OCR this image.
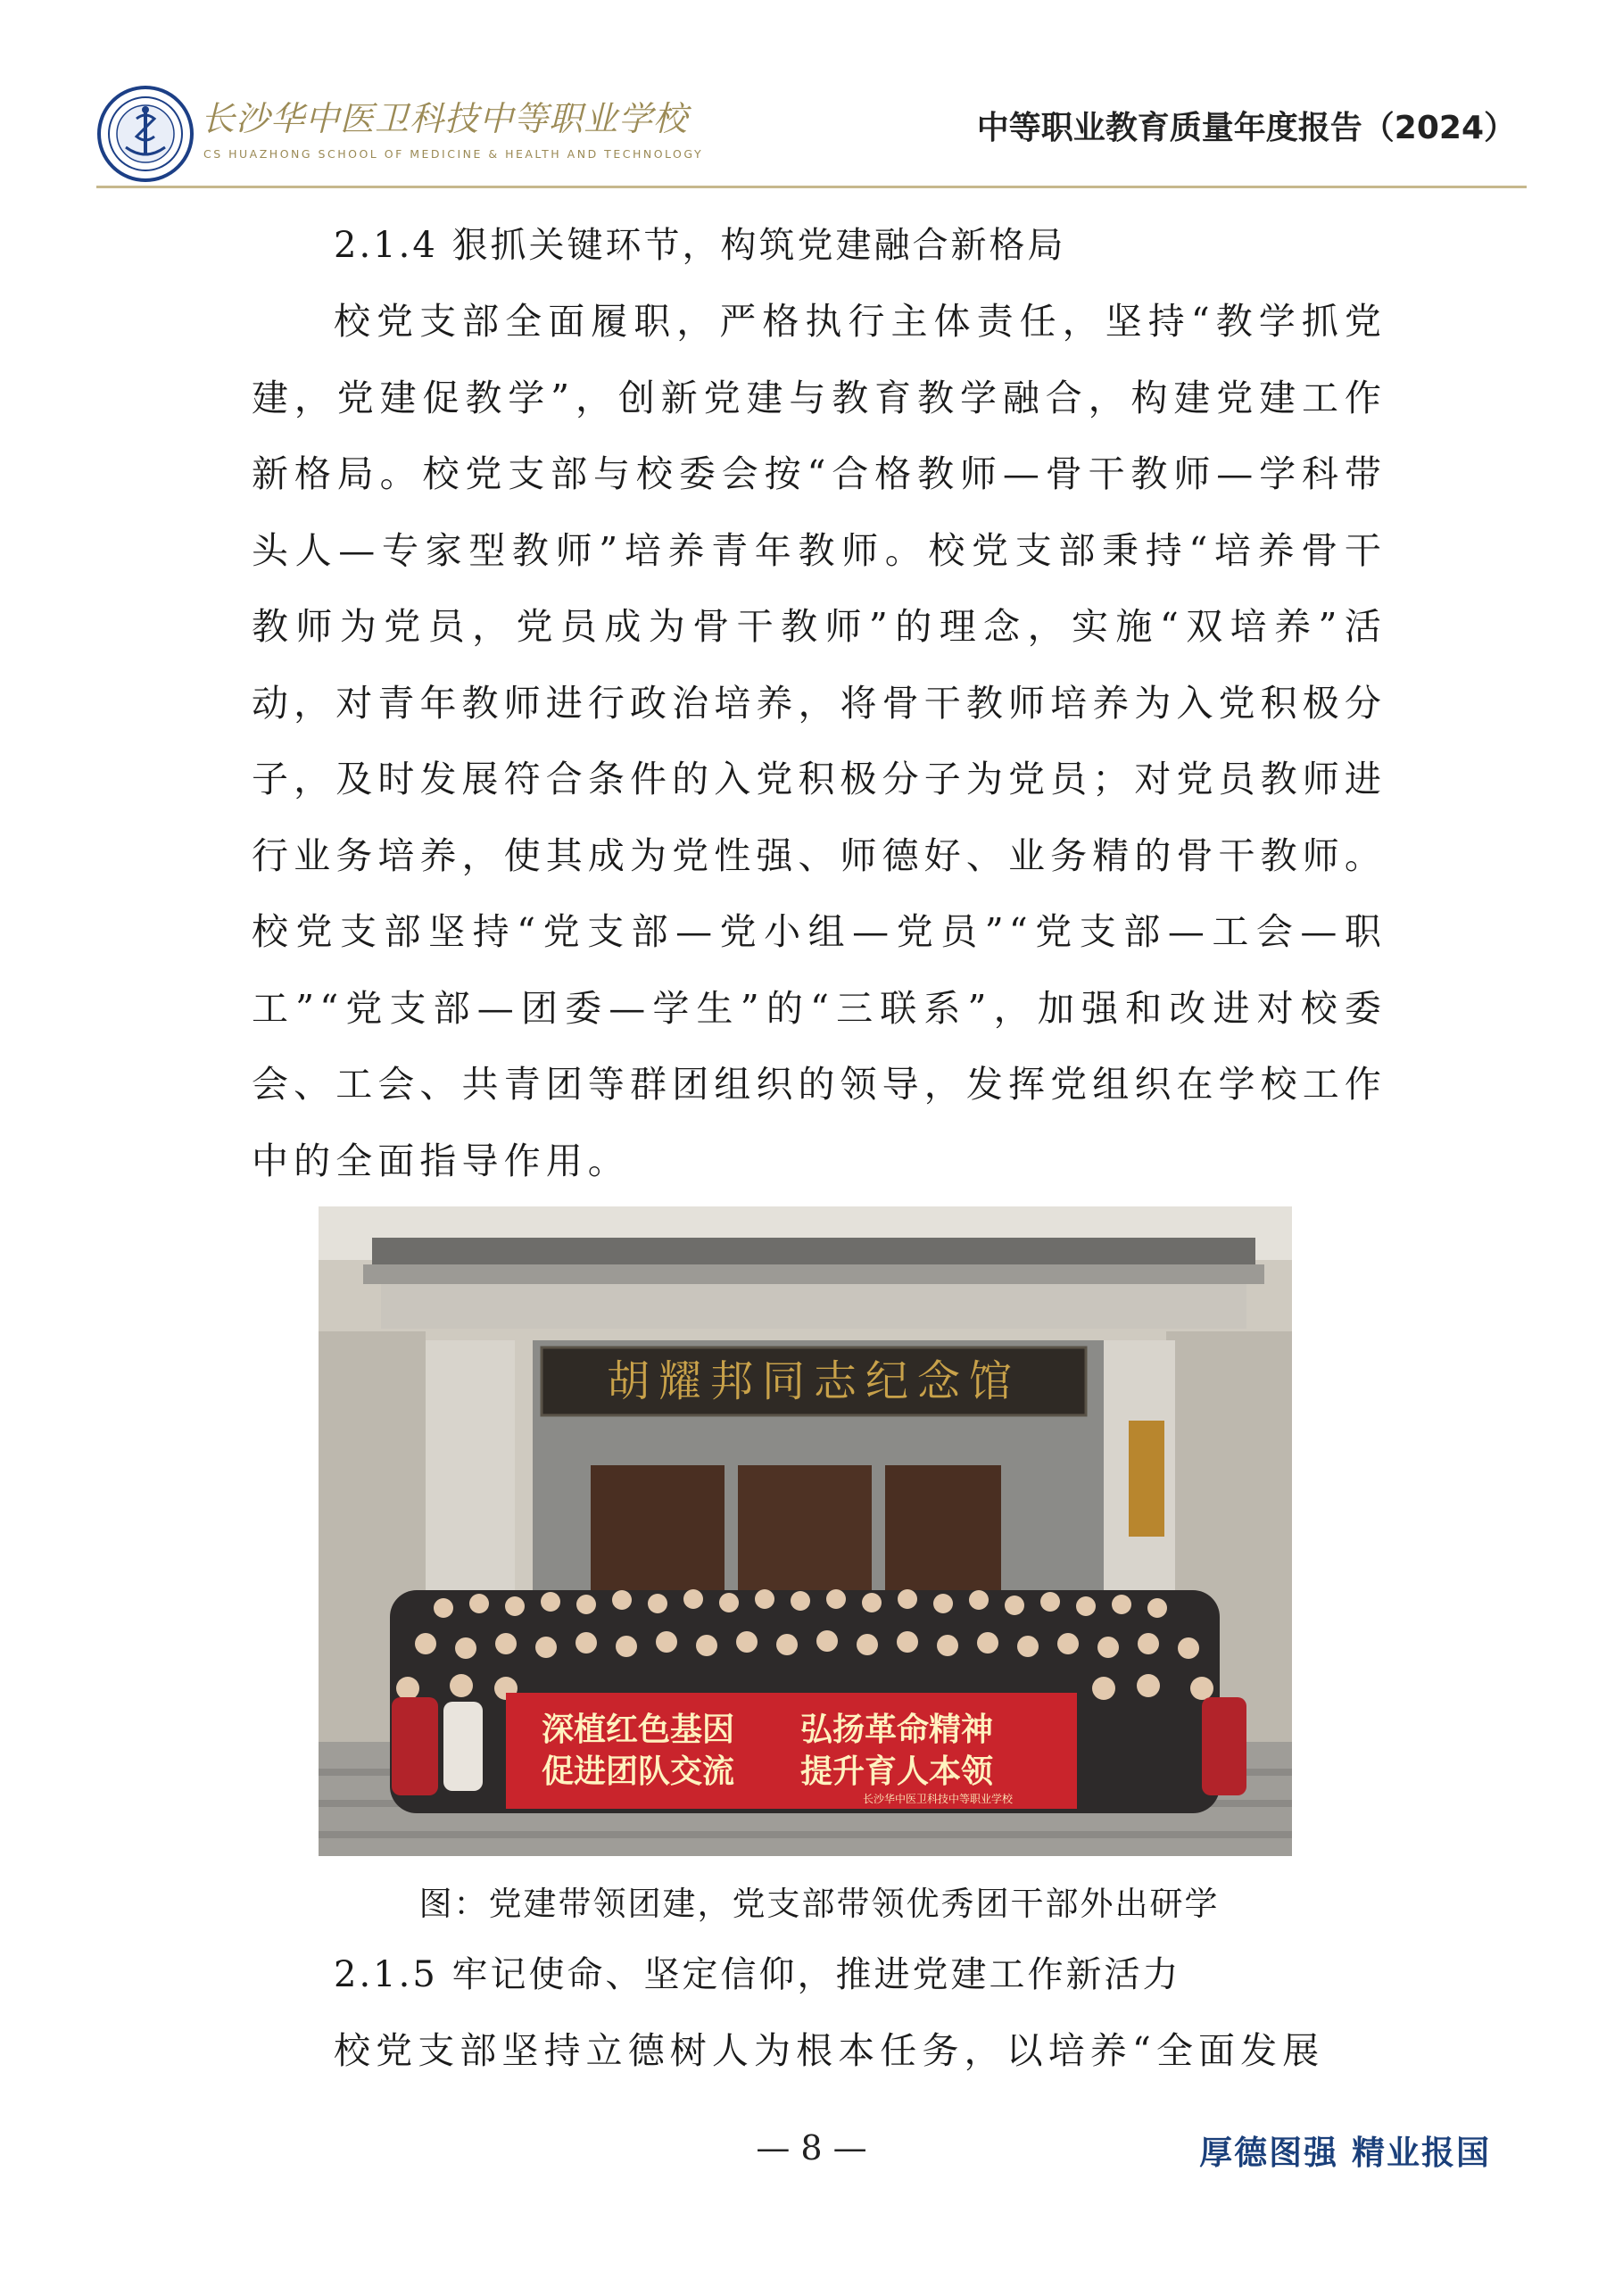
长沙华中医卫科技中等职业学校
CS HUAZHONG SCHOOL OF MEDICINE & HEALTH AND TECHNOLOGY
中等职业教育质量年度报告（2024）

2.1.4 狠抓关键环节，构筑党建融合新格局

校党支部全面履职，严格执行主体责任，坚持“教学抓党建，党建促教学”，创新党建与教育教学融合，构建党建工作新格局。校党支部与校委会按“合格教师—骨干教师—学科带头人—专家型教师”培养青年教师。校党支部秉持“培养骨干教师为党员，党员成为骨干教师”的理念，实施“双培养”活动，对青年教师进行政治培养，将骨干教师培养为入党积极分子，及时发展符合条件的入党积极分子为党员；对党员教师进行业务培养，使其成为党性强、师德好、业务精的骨干教师。校党支部坚持“党支部—党小组—党员”“党支部—工会—职工”“党支部—团委—学生”的“三联系”，加强和改进对校委会、工会、共青团等群团组织的领导，发挥党组织在学校工作中的全面指导作用。

胡耀邦同志纪念馆
深植红色基因 弘扬革命精神
促进团队交流 提升育人本领
长沙华中医卫科技中等职业学校
图：党建带领团建，党支部带领优秀团干部外出研学

2.1.5 牢记使命、坚定信仰，推进党建工作新活力

校党支部坚持立德树人为根本任务，以培养“全面发展

— 8 —	厚德图强 精业报国
